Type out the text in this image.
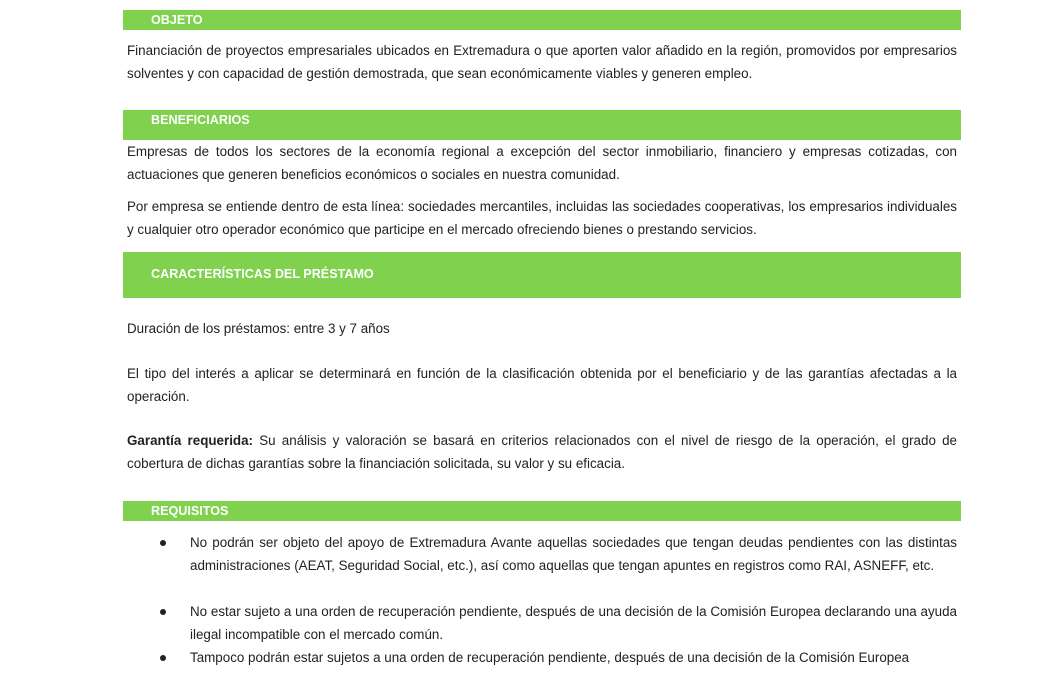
OBJETO

Financiación de proyectos empresariales ubicados en Extremadura o que aporten valor añadido en la región, promovidos por empresarios solventes y con capacidad de gestión demostrada, que sean económicamente viables y generen empleo.

BENEFICIARIOS

Empresas de todos los sectores de la economía regional a excepción del sector inmobiliario, financiero y empresas cotizadas, con actuaciones que generen beneficios económicos o sociales en nuestra comunidad.

Por empresa se entiende dentro de esta línea: sociedades mercantiles, incluidas las sociedades cooperativas, los empresarios individuales y cualquier otro operador económico que participe en el mercado ofreciendo bienes o prestando servicios.

CARACTERÍSTICAS DEL PRÉSTAMO

Duración de los préstamos: entre 3 y 7 años

El tipo del interés a aplicar se determinará en función de la clasificación obtenida por el beneficiario y de las garantías afectadas a la operación.

Garantía requerida: Su análisis y valoración se basará en criterios relacionados con el nivel de riesgo de la operación, el grado de cobertura de dichas garantías sobre la financiación solicitada, su valor y su eficacia.

REQUISITOS
No podrán ser objeto del apoyo de Extremadura Avante aquellas sociedades que tengan deudas pendientes con las distintas administraciones (AEAT, Seguridad Social, etc.), así como aquellas que tengan apuntes en registros como RAI, ASNEFF, etc.
No estar sujeto a una orden de recuperación pendiente, después de una decisión de la Comisión Europea declarando una ayuda ilegal incompatible con el mercado común.
Tampoco podrán estar sujetos a una orden de recuperación pendiente, después de una decisión de la Comisión Europea
